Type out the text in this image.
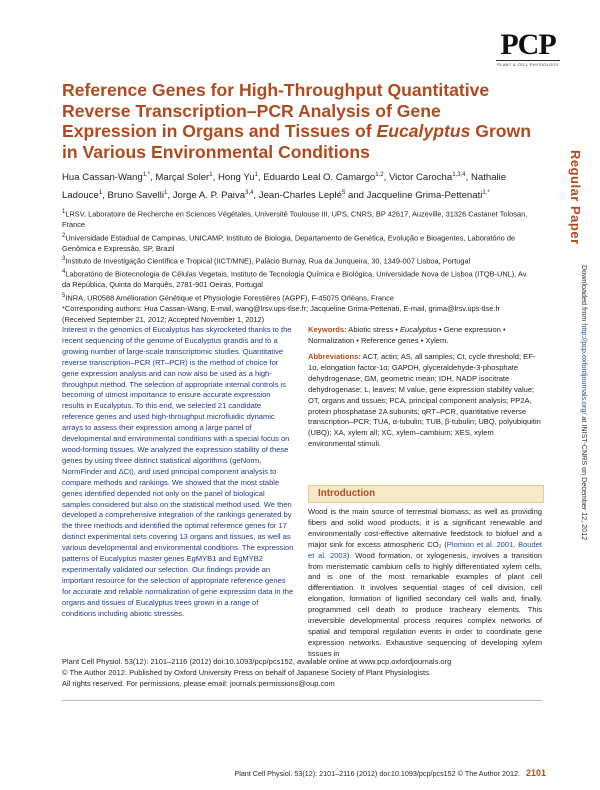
PCP
PLANT & CELL PHYSIOLOGY
Reference Genes for High-Throughput Quantitative Reverse Transcription–PCR Analysis of Gene Expression in Organs and Tissues of Eucalyptus Grown in Various Environmental Conditions	Regular Paper
Downloaded from http://pcp.oxfordjournals.org/ at INIST-CNRS on December 12, 2012
Hua Cassan-Wang$^{1,*}$, Marçal Soler$^1$, Hong Yu$^1$, Eduardo Leal O. Camargo$^{1,2}$, Victor Carocha$^{1,3,4}$, Nathalie Ladouce$^1$, Bruno Savelli$^1$, Jorge A. P. Paiva$^{3,4}$, Jean-Charles Leplé$^5$ and Jacqueline Grima-Pettenati$^{1,*}$

$^1$LRSV, Laboratoire de Recherche en Sciences Végétales, Université Toulouse III, UPS, CNRS, BP 42617, Auzeville, 31326 Castanet Tolosan, France

$^2$Universidade Estadual de Campinas, UNICAMP, Instituto de Biologia, Departamento de Genética, Evolução e Bioagentes, Laboratório de Genômica e Expressão, SP, Brazil

$^3$Instituto de Investigação Científica e Tropical (IICT/MNE), Palácio Burnay, Rua da Junqueira, 30, 1349-007 Lisboa, Portugal

$^4$Laboratório de Biotecnologia de Células Vegetais, Instituto de Tecnologia Química e Biológica, Universidade Nova de Lisboa (ITQB-UNL), Av. da República, Quinta do Marquês, 2781-901 Oeiras, Portugal

$^5$INRA, UR0588 Amélioration Génétique et Physiologie Forestières (AGPF), F-45075 Orléans, France

*Corresponding authors: Hua Cassan-Wang, E-mail, wang@lrsv.ups-tlse.fr; Jacqueline Grima-Pettenati, E-mail, grima@lrsv.ups-tlse.fr

(Received September 21, 2012; Accepted November 1, 2012)

Interest in the genomics of Eucalyptus has skyrocketed thanks to the recent sequencing of the genome of Eucalyptus grandis and to a growing number of large-scale transcriptomic studies. Quantitative reverse transcription–PCR (RT–PCR) is the method of choice for gene expression analysis and can now also be used as a high-throughput method. The selection of appropriate internal controls is becoming of utmost importance to ensure accurate expression results in Eucalyptus. To this end, we selected 21 candidate reference genes and used high-throughput microfluidic dynamic arrays to assess their expression among a large panel of developmental and environmental conditions with a special focus on wood-forming tissues. We analyzed the expression stability of these genes by using three distinct statistical algorithms (geNorm, NormFinder and ΔCt), and used principal component analysis to compare methods and rankings. We showed that the most stable genes identified depended not only on the panel of biological samples considered but also on the statistical method used. We then developed a comprehensive integration of the rankings generated by the three methods and identified the optimal reference genes for 17 distinct experimental sets covering 13 organs and tissues, as well as various developmental and environmental conditions. The expression patterns of Eucalyptus master genes EgMYB1 and EgMYB2 experimentally validated our selection. Our findings provide an important resource for the selection of appropriate reference genes for accurate and reliable normalization of gene expression data in the organs and tissues of Eucalyptus trees grown in a range of conditions including abiotic stresses.
Keywords: Abiotic stress • Eucalyptus • Gene expression • Normalization • Reference genes • Xylem.
Abbreviations: ACT, actin; AS, all samples; Ct, cycle threshold; EF-1α, elongation factor-1α; GAPDH, glyceraldehyde-3-phosphate dehydrogenase; GM, geometric mean; IDH, NADP isocitrate dehydrogenase; L, leaves; M value, gene expression stability value; OT, organs and tissues; PCA, principal component analysis; PP2A, protein phosphatase 2A subunits; qRT–PCR, quantitative reverse transcription–PCR; TUA, α-tubulin; TUB, β-tubulin; UBQ, polyubiquitin (UBQ); XA, xylem all; XC, xylem–cambium; XES, xylem environmental stimuli.
Introduction
Wood is the main source of terrestrial biomass; as well as providing fibers and solid wood products, it is a significant renewable and environmentally cost-effective alternative feedstock to biofuel and a major sink for excess atmospheric CO₂ (Plomion et al. 2001, Boudet et al. 2003). Wood formation, or xylogenesis, involves a transition from meristematic cambium cells to highly differentiated xylem cells, and is one of the most remarkable examples of plant cell differentiation. It involves sequential stages of cell division, cell elongation, formation of lignified secondary cell walls and, finally, programmed cell death to produce tracheary elements. This irreversible developmental process requires complex networks of spatial and temporal regulation events in order to coordinate gene expression networks. Exhaustive sequencing of developing xylem tissues in

Plant Cell Physiol. 53(12): 2101–2116 (2012) doi:10.1093/pcp/pcs152, available online at www.pcp.oxfordjournals.org

© The Author 2012. Published by Oxford University Press on behalf of Japanese Society of Plant Physiologists.

All rights reserved. For permissions, please email: journals.permissions@oup.com

Plant Cell Physiol. 53(12): 2101–2116 (2012) doi:10.1093/pcp/pcs152 © The Author 2012. 2101
